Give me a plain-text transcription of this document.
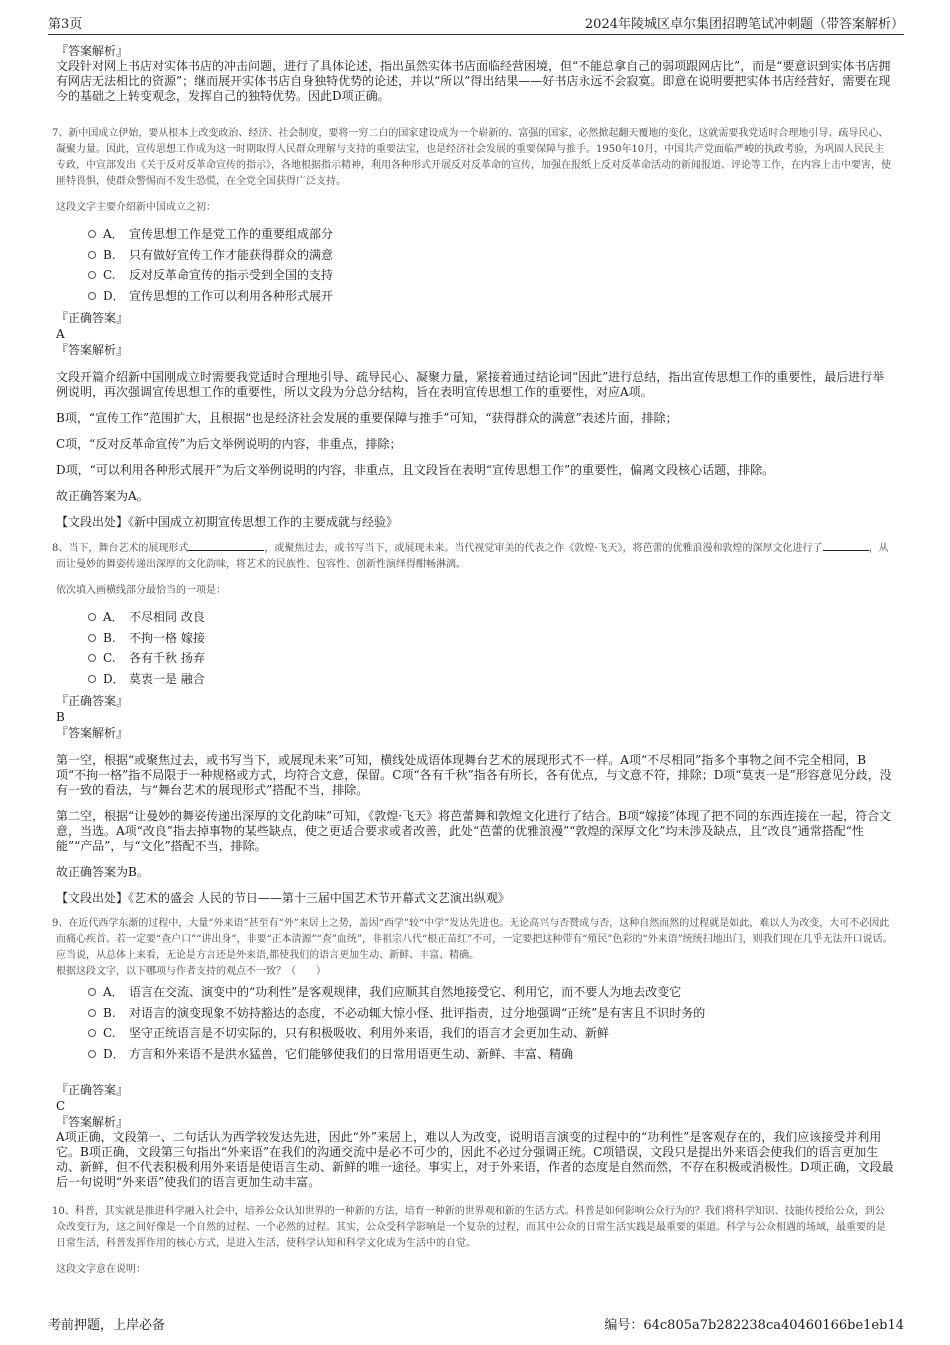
第3页	2024年陵城区卓尔集团招聘笔试冲刺题（带答案解析）

『答案解析』

文段针对网上书店对实体书店的冲击问题，进行了具体论述，指出虽然实体书店面临经营困境，但“不能总拿自己的弱项跟网店比”，而是“要意识到实体书店拥有网店无法相比的资源”；继而展开实体书店自身独特优势的论述，并以“所以”得出结果——好书店永远不会寂寞。即意在说明要把实体书店经营好，需要在现今的基础之上转变观念，发挥自己的独特优势。因此D项正确。

7、新中国成立伊始，要从根本上改变政治、经济、社会制度，要将一穷二白的国家建设成为一个崭新的、富强的国家，必然掀起翻天覆地的变化，这就需要我党适时合理地引导、疏导民心、凝聚力量。因此，宣传思想工作成为这一时期取得人民群众理解与支持的重要法宝，也是经济社会发展的重要保障与推手。1950年10月，中国共产党面临严峻的执政考验，为巩固人民民主专政，中宣部发出《关于反对反革命宣传的指示》，各地根据指示精神，利用各种形式开展反对反革命的宣传，加强在报纸上反对反革命活动的新闻报道、评论等工作，在内容上击中要害，使匪特畏惧，使群众警惕而不发生恐慌，在全党全国获得广泛支持。

这段文字主要介绍新中国成立之初：

A． 宣传思想工作是党工作的重要组成部分
B.	只有做好宣传工作才能获得群众的满意
C.	反对反革命宣传的指示受到全国的支持
D． 宣传思想的工作可以利用各种形式展开

『正确答案』

A

『答案解析』

文段开篇介绍新中国刚成立时需要我党适时合理地引导、疏导民心、凝聚力量，紧接着通过结论词“因此”进行总结，指出宣传思想工作的重要性，最后进行举例说明，再次强调宣传思想工作的重要性，所以文段为分总分结构，旨在表明宣传思想工作的重要性，对应A项。

B项，“宣传工作”范围扩大，且根据“也是经济社会发展的重要保障与推手”可知，“获得群众的满意”表述片面，排除；

C项，“反对反革命宣传”为后文举例说明的内容，非重点，排除；

D项，“可以利用各种形式展开”为后文举例说明的内容，非重点，且文段旨在表明“宣传思想工作”的重要性，偏离文段核心话题，排除。

故正确答案为A。

【文段出处】《新中国成立初期宣传思想工作的主要成就与经验》

8、当下，舞台艺术的展现形式	，或聚焦过去，或书写当下，或展现未来。当代视觉审美的代表之作《敦煌·飞天》，将芭蕾的优雅浪漫和敦煌的深厚文化进行了	，从而让曼妙的舞姿传递出深厚的文化韵味，将艺术的民族性、包容性、创新性演绎得酣畅淋漓。

依次填入画横线部分最恰当的一项是：

A． 不尽相同 改良
B.	不拘一格 嫁接
C.	各有千秋 扬弃
D． 莫衷一是 融合

『正确答案』

B

『答案解析』

第一空，根据“或聚焦过去，或书写当下，或展现未来”可知，横线处成语体现舞台艺术的展现形式不一样。A项“不尽相同”指多个事物之间不完全相同，B项“不拘一格”指不局限于一种规格或方式，均符合文意，保留。C项“各有千秋”指各有所长，各有优点，与文意不符，排除；D项“莫衷一是”形容意见分歧，没有一致的看法，与“舞台艺术的展现形式”搭配不当，排除。

第二空，根据“让曼妙的舞姿传递出深厚的文化韵味”可知，《敦煌·飞天》将芭蕾舞和敦煌文化进行了结合。B项“嫁接”体现了把不同的东西连接在一起，符合文意，当选。A项“改良”指去掉事物的某些缺点，使之更适合要求或者改善，此处“芭蕾的优雅浪漫”“敦煌的深厚文化”均未涉及缺点，且“改良”通常搭配“性能”“产品”，与“文化”搭配不当，排除。

故正确答案为B。

【文段出处】《艺术的盛会 人民的节日——第十三届中国艺术节开幕式文艺演出纵观》

9、在近代西学东渐的过程中，大量“外来语”甚至有“外”来居上之势，盖因“西学”较“中学”发达先进也。无论高兴与否赞成与否，这种自然而然的过程就是如此，难以人为改变，大可不必因此而痛心疾首。若一定要“查户口”“讲出身”，非要“正本清源”“查”血统”，非祖宗八代“根正苗红”不可，一定要把这种带有“殖民”色彩的“外来语”统统扫地出门，则我们现在几乎无法开口说话。应当说，从总体上来看，无论是方言还是外来语,都使我们的语言更加生动、新鲜、丰富、精确。

根据这段文字，以下哪项与作者支持的观点不一致？（　　）

A． 语言在交流、演变中的“功利性”是客观规律，我们应顺其自然地接受它、利用它，而不要人为地去改变它
B.	对语言的演变现象不妨持豁达的态度，不必动辄大惊小怪、批评指责，过分地强调“正统”是有害且不识时务的
C.	坚守正统语言是不切实际的，只有积极吸收、利用外来语，我们的语言才会更加生动、新鲜
D． 方言和外来语不是洪水猛兽，它们能够使我们的日常用语更生动、新鲜、丰富、精确

『正确答案』

C

『答案解析』

A项正确，文段第一、二句话认为西学较发达先进，因此“外”来居上，难以人为改变，说明语言演变的过程中的“功利性”是客观存在的，我们应该接受并利用它。B项正确，文段第三句指出“外来语”在我们的沟通交流中是必不可少的，因此不必过分强调正统。C项错误，文段只是提出外来语会使我们的语言更加生动、新鲜，但不代表积极利用外来语是使语言生动、新鲜的唯一途径。事实上，对于外来语，作者的态度是自然而然，不存在积极或消极性。D项正确，文段最后一句说明“外来语”使我们的语言更加生动丰富。

10、科普，其实就是推进科学融入社会中，培养公众认知世界的一种新的方法，培育一种新的世界观和新的生活方式。科普是如何影响公众行为的？我们将科学知识、技能传授给公众，到公众改变行为，这之间好像是一个自然的过程、一个必然的过程。其实，公众受科学影响是一个复杂的过程，而其中公众的日常生活实践是最重要的渠道。科学与公众相遇的场域，最重要的是日常生活，科普发挥作用的核心方式，是进入生活，使科学认知和科学文化成为生活中的自觉。

这段文字意在说明：

考前押题，上岸必备	编号：64c805a7b282238ca40460166be1eb14
